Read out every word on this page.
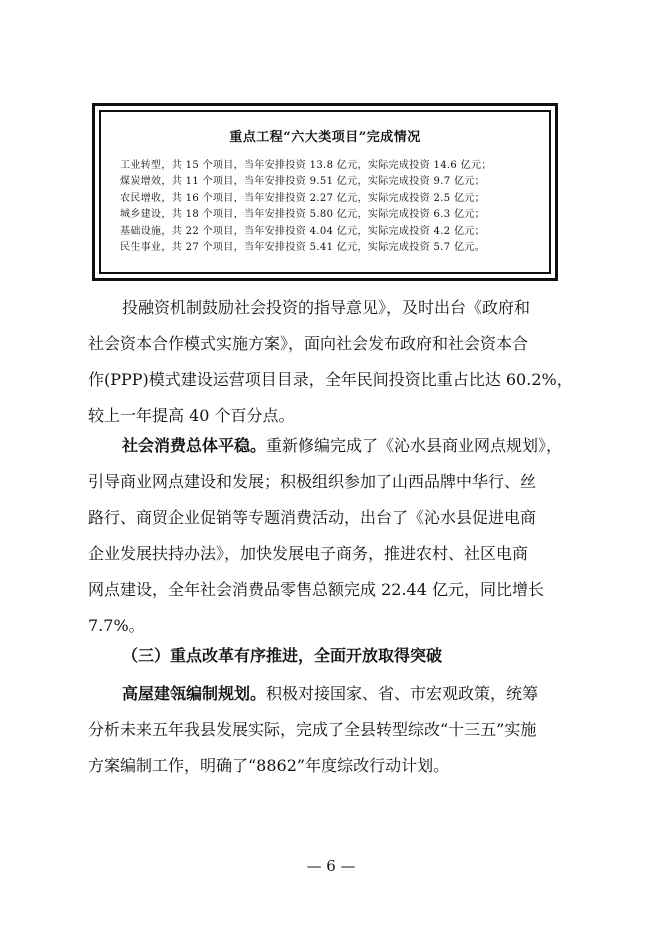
重点工程“六大类项目”完成情况
工业转型，共 15 个项目，当年安排投资 13.8 亿元，实际完成投资 14.6 亿元；
煤炭增效，共 11 个项目，当年安排投资 9.51 亿元，实际完成投资 9.7 亿元；
农民增收，共 16 个项目，当年安排投资 2.27 亿元，实际完成投资 2.5 亿元；
城乡建设，共 18 个项目，当年安排投资 5.80 亿元，实际完成投资 6.3 亿元；
基础设施，共 22 个项目，当年安排投资 4.04 亿元，实际完成投资 4.2 亿元；
民生事业，共 27 个项目，当年安排投资 5.41 亿元，实际完成投资 5.7 亿元。
投融资机制鼓励社会投资的指导意见》，及时出台《政府和
社会资本合作模式实施方案》，面向社会发布政府和社会资本合
作(PPP)模式建设运营项目目录，全年民间投资比重占比达 60.2%，
较上一年提高 40 个百分点。
社会消费总体平稳。重新修编完成了《沁水县商业网点规划》，
引导商业网点建设和发展；积极组织参加了山西品牌中华行、丝
路行、商贸企业促销等专题消费活动，出台了《沁水县促进电商
企业发展扶持办法》，加快发展电子商务，推进农村、社区电商
网点建设，全年社会消费品零售总额完成 22.44 亿元，同比增长
7.7%。
（三）重点改革有序推进，全面开放取得突破
高屋建瓴编制规划。积极对接国家、省、市宏观政策，统筹
分析未来五年我县发展实际，完成了全县转型综改“十三五”实施
方案编制工作，明确了“8862”年度综改行动计划。
— 6 —
